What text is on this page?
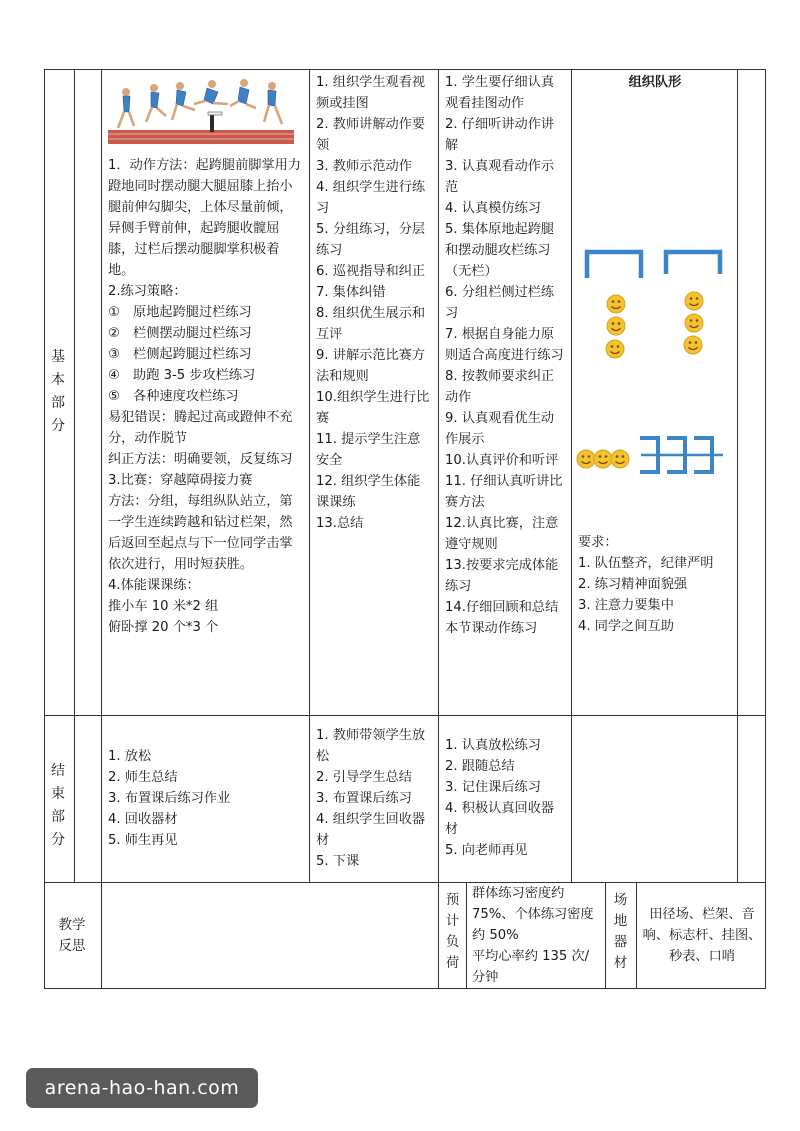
基本部分
结束部分
教学反思

1．动作方法：起跨腿前脚掌用力蹬地同时摆动腿大腿屈膝上抬小腿前伸勾脚尖，上体尽量前倾，异侧手臂前伸，起跨腿收髋屈膝，过栏后摆动腿脚掌积极着地。

2.练习策略：

①　原地起跨腿过栏练习

②　栏侧摆动腿过栏练习

③　栏侧起跨腿过栏练习

④　助跑 3-5 步攻栏练习

⑤　各种速度攻栏练习

易犯错误：腾起过高或蹬伸不充分，动作脱节

纠正方法：明确要领，反复练习

3.比赛：穿越障碍接力赛

方法：分组，每组纵队站立，第一学生连续跨越和钻过栏架，然后返回至起点与下一位同学击掌依次进行，用时短获胜。

4.体能课课练：

推小车 10 米*2 组

俯卧撑 20 个*3 个

1. 组织学生观看视频或挂图

2. 教师讲解动作要领

3. 教师示范动作

4. 组织学生进行练习

5. 分组练习，分层练习

6. 巡视指导和纠正

7. 集体纠错

8. 组织优生展示和互评

9. 讲解示范比赛方法和规则

10.组织学生进行比赛

11. 提示学生注意安全

12. 组织学生体能课课练

13.总结

1. 学生要仔细认真观看挂图动作

2. 仔细听讲动作讲解

3. 认真观看动作示范

4. 认真模仿练习

5. 集体原地起跨腿和摆动腿攻栏练习（无栏）

6. 分组栏侧过栏练习

7. 根据自身能力原则适合高度进行练习

8. 按教师要求纠正动作

9. 认真观看优生动作展示

10.认真评价和听评

11. 仔细认真听讲比赛方法

12.认真比赛，注意遵守规则

13.按要求完成体能练习

14.仔细回顾和总结本节课动作练习

组织队形

要求：

1. 队伍整齐，纪律严明

2. 练习精神面貌强

3. 注意力要集中

4. 同学之间互助

1. 放松

2. 师生总结

3. 布置课后练习作业

4. 回收器材

5. 师生再见

1. 教师带领学生放松

2. 引导学生总结

3. 布置课后练习

4. 组织学生回收器材

5. 下课

1. 认真放松练习

2. 跟随总结

3. 记住课后练习

4. 积极认真回收器材

5. 向老师再见

预计负荷

群体练习密度约75%、个体练习密度约 50%

平均心率约 135 次/分钟

场地器材
田径场、栏架、音响、标志杆、挂图、秒表、口哨
arena-hao-han.com
